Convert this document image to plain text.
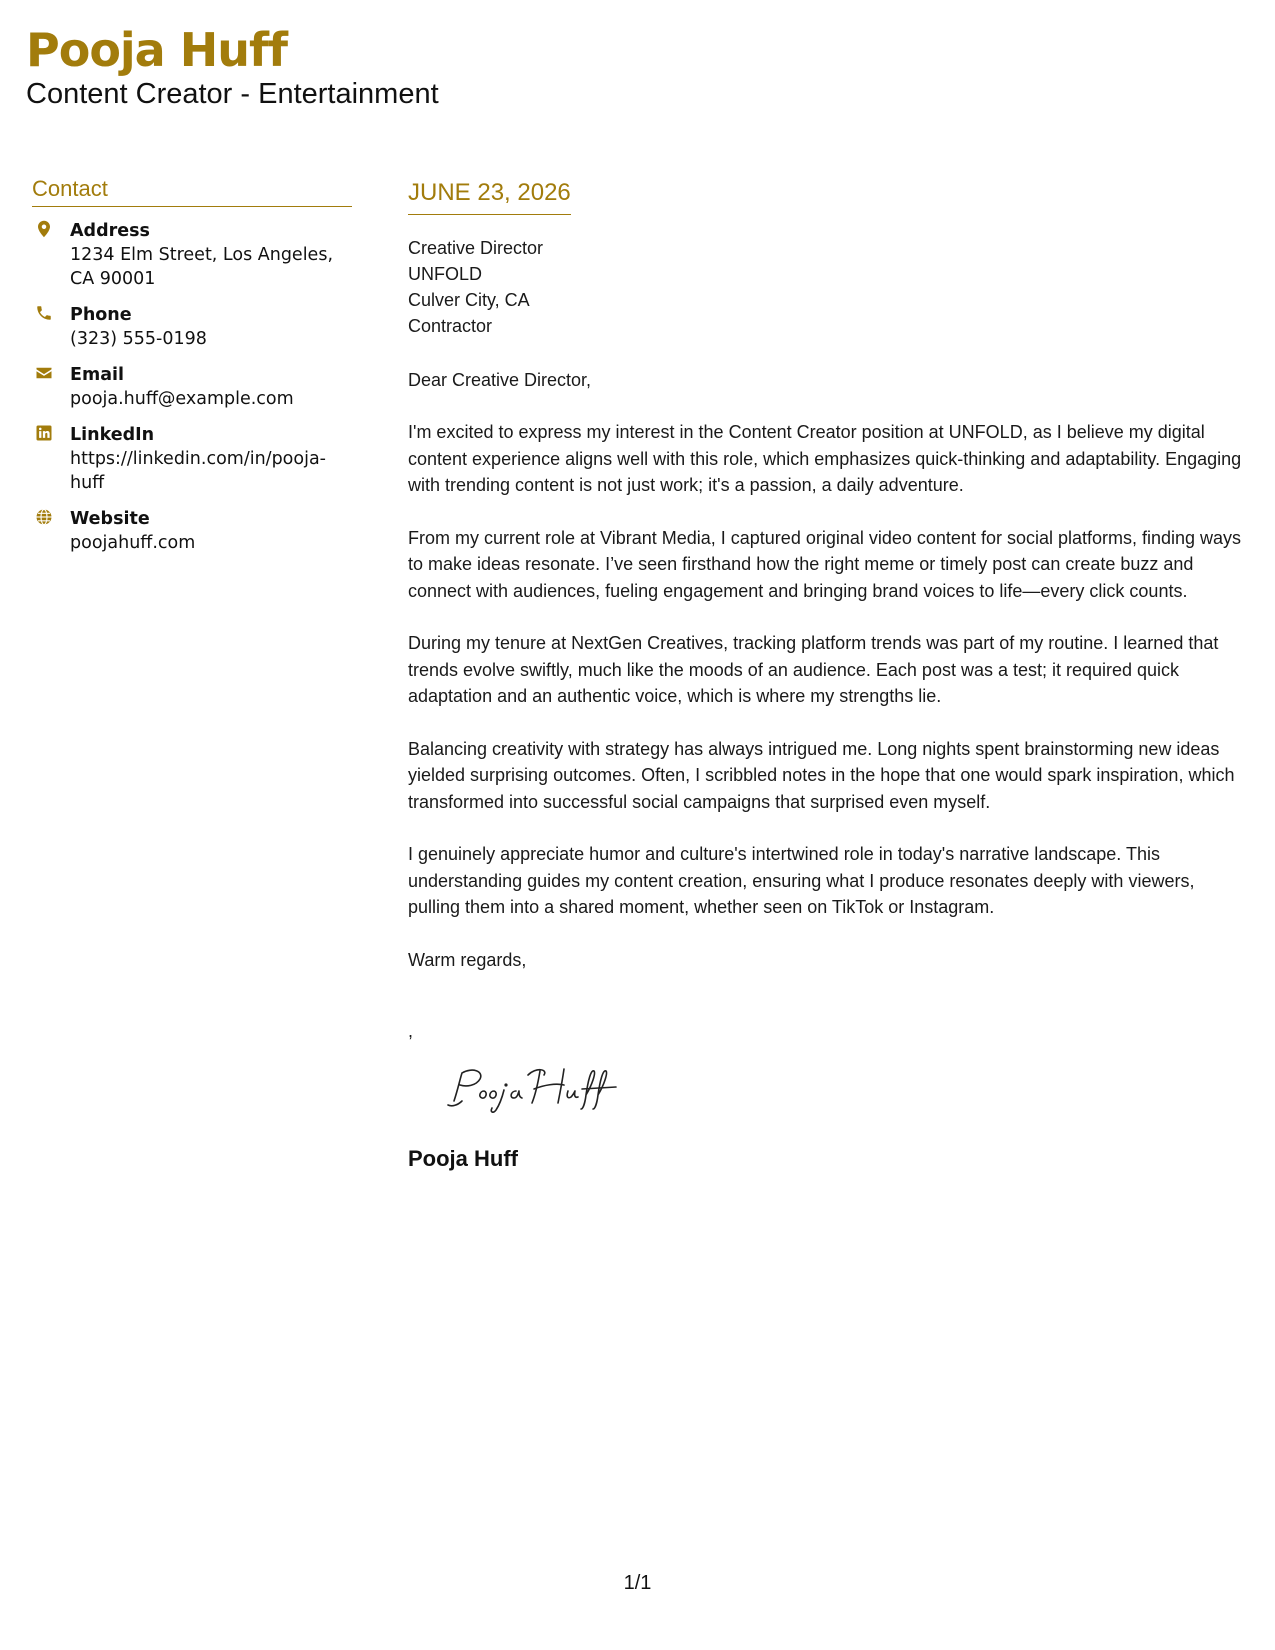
Pooja Huff
Content Creator - Entertainment
Contact
Address
1234 Elm Street, Los Angeles, CA 90001
Phone
(323) 555-0198
Email
pooja.huff@example.com
LinkedIn
https://linkedin.com/in/pooja-huff
Website
poojahuff.com
JUNE 23, 2026
Creative Director
UNFOLD
Culver City, CA
Contractor
Dear Creative Director,
I'm excited to express my interest in the Content Creator position at UNFOLD, as I believe my digital content experience aligns well with this role, which emphasizes quick-thinking and adaptability. Engaging with trending content is not just work; it's a passion, a daily adventure.
From my current role at Vibrant Media, I captured original video content for social platforms, finding ways to make ideas resonate. I’ve seen firsthand how the right meme or timely post can create buzz and connect with audiences, fueling engagement and bringing brand voices to life—every click counts.
During my tenure at NextGen Creatives, tracking platform trends was part of my routine. I learned that trends evolve swiftly, much like the moods of an audience. Each post was a test; it required quick adaptation and an authentic voice, which is where my strengths lie.
Balancing creativity with strategy has always intrigued me. Long nights spent brainstorming new ideas yielded surprising outcomes. Often, I scribbled notes in the hope that one would spark inspiration, which transformed into successful social campaigns that surprised even myself.
I genuinely appreciate humor and culture's intertwined role in today's narrative landscape. This understanding guides my content creation, ensuring what I produce resonates deeply with viewers, pulling them into a shared moment, whether seen on TikTok or Instagram.
Warm regards,
,
Pooja Huff
1/1
